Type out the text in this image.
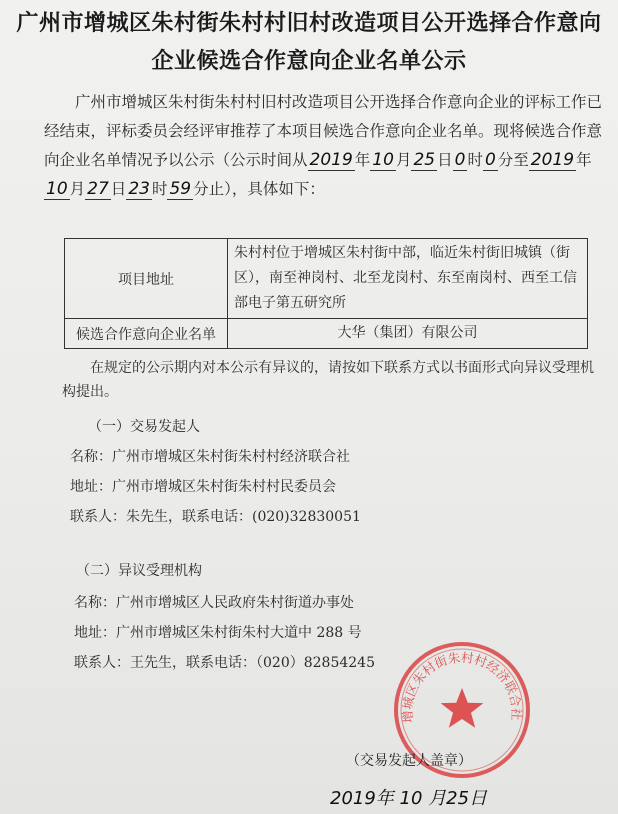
广州市增城区朱村街朱村村旧村改造项目公开选择合作意向
企业候选合作意向企业名单公示
广州市增城区朱村街朱村村旧村改造项目公开选择合作意向企业的评标工作已经结束，评标委员会经评审推荐了本项目候选合作意向企业名单。现将候选合作意向企业名单情况予以公示（公示时间从 2019 年 10 月 25 日 0 时 0 分至 2019 年10 月 27 日 23 时 59 分止），具体如下：
项目地址	朱村村位于增城区朱村街中部，临近朱村街旧城镇（街区），南至神岗村、北至龙岗村、东至南岗村、西至工信部电子第五研究所
候选合作意向企业名单	大华（集团）有限公司
在规定的公示期内对本公示有异议的，请按如下联系方式以书面形式向异议受理机构提出。
（一）交易发起人
名称：广州市增城区朱村街朱村村经济联合社
地址：广州市增城区朱村街朱村村民委员会
联系人：朱先生，联系电话：(020)32830051
（二）异议受理机构
名称：广州市增城区人民政府朱村街道办事处
地址：广州市增城区朱村街朱村大道中 288 号
联系人：王先生，联系电话：（020）82854245
增城区朱村街朱村村经济联合社
（交易发起人盖章）
2019年 10 月25日
